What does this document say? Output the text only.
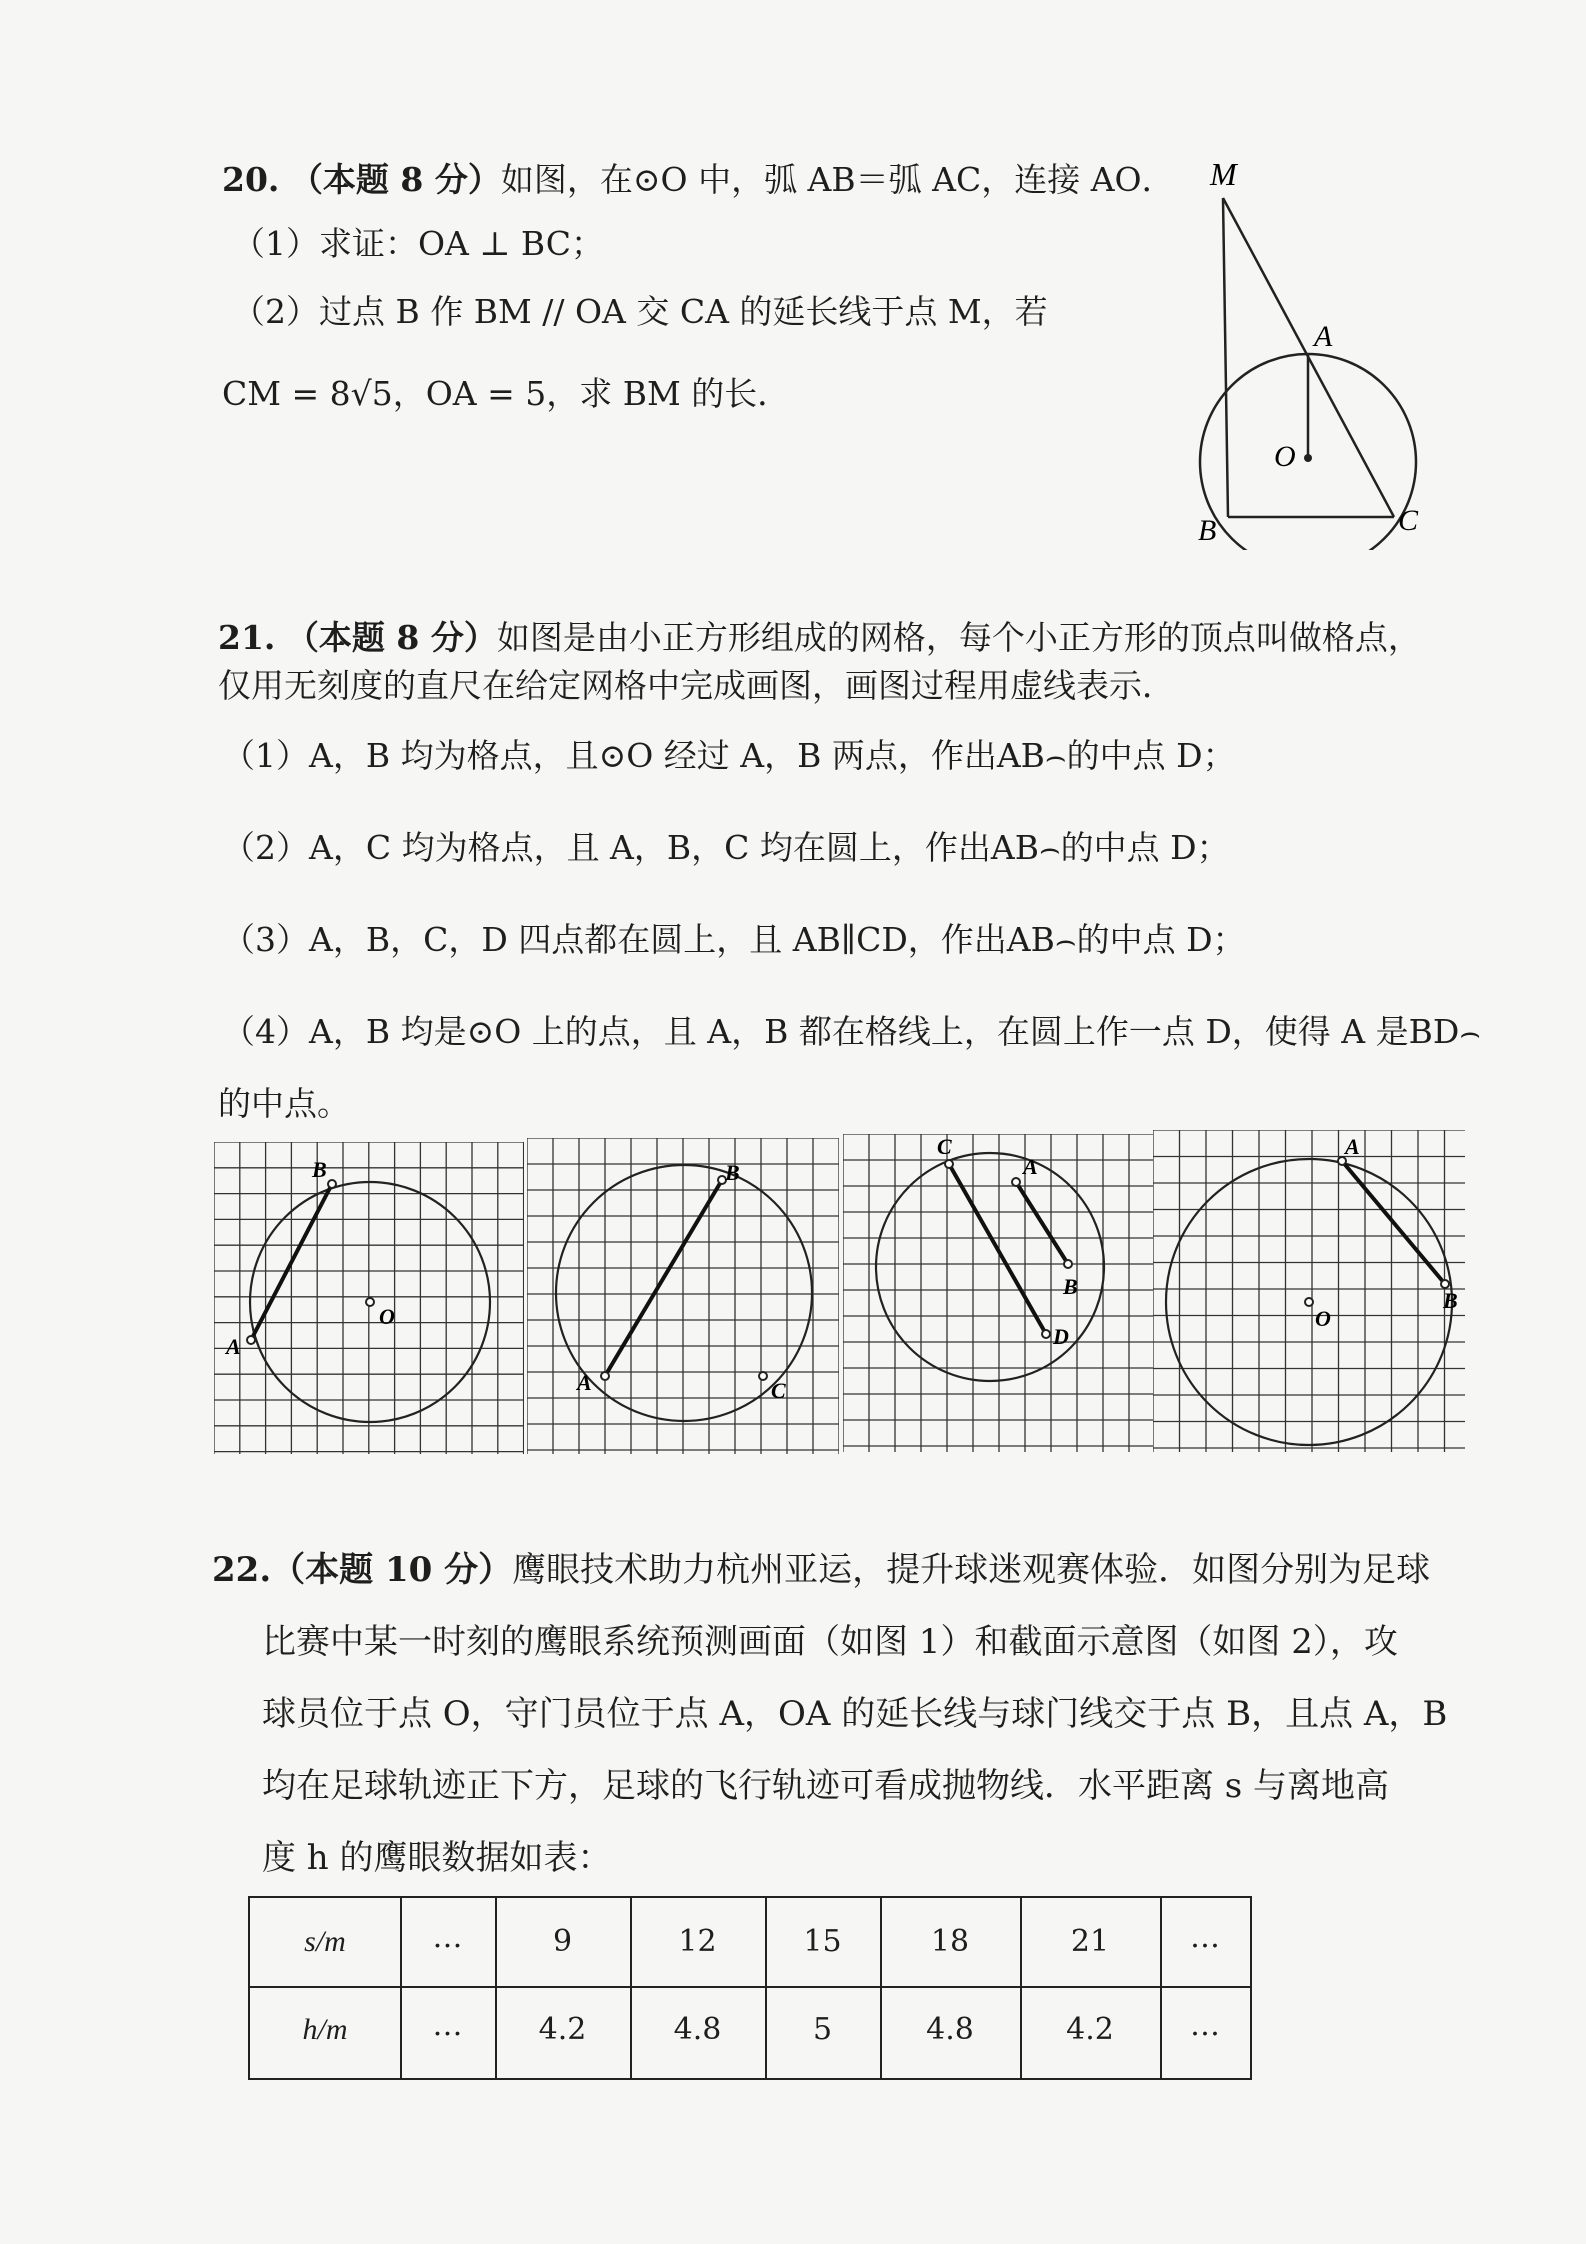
20. （本题 8 分）如图，在⊙O 中，弧 AB＝弧 AC，连接 AO．
（1）求证：OA ⊥ BC；
（2）过点 B 作 BM // OA 交 CA 的延长线于点 M，若
CM = 8√5，OA = 5，求 BM 的长．
M
A
O
B	C
21. （本题 8 分）如图是由小正方形组成的网格，每个小正方形的顶点叫做格点，
仅用无刻度的直尺在给定网格中完成画图，画图过程用虚线表示．
（1）A，B 均为格点，且⊙O 经过 A，B 两点，作出AB⌢的中点 D；
（2）A，C 均为格点，且 A，B，C 均在圆上，作出AB⌢的中点 D；
（3）A，B，C，D 四点都在圆上，且 AB∥CD，作出AB⌢的中点 D；
（4）A，B 均是⊙O 上的点，且 A，B 都在格线上，在圆上作一点 D，使得 A 是BD⌢
的中点。
B
A
O
A
B
C
C
A
B
D
A
B
O
22.（本题 10 分）鹰眼技术助力杭州亚运，提升球迷观赛体验．如图分别为足球
比赛中某一时刻的鹰眼系统预测画面（如图 1）和截面示意图（如图 2），攻
球员位于点 O，守门员位于点 A，OA 的延长线与球门线交于点 B，且点 A，B
均在足球轨迹正下方，足球的飞行轨迹可看成抛物线．水平距离 s 与离地高
度 h 的鹰眼数据如表：
s/m	…	9	12	15	18	21	…
h/m	…	4.2	4.8	5	4.8	4.2	…
